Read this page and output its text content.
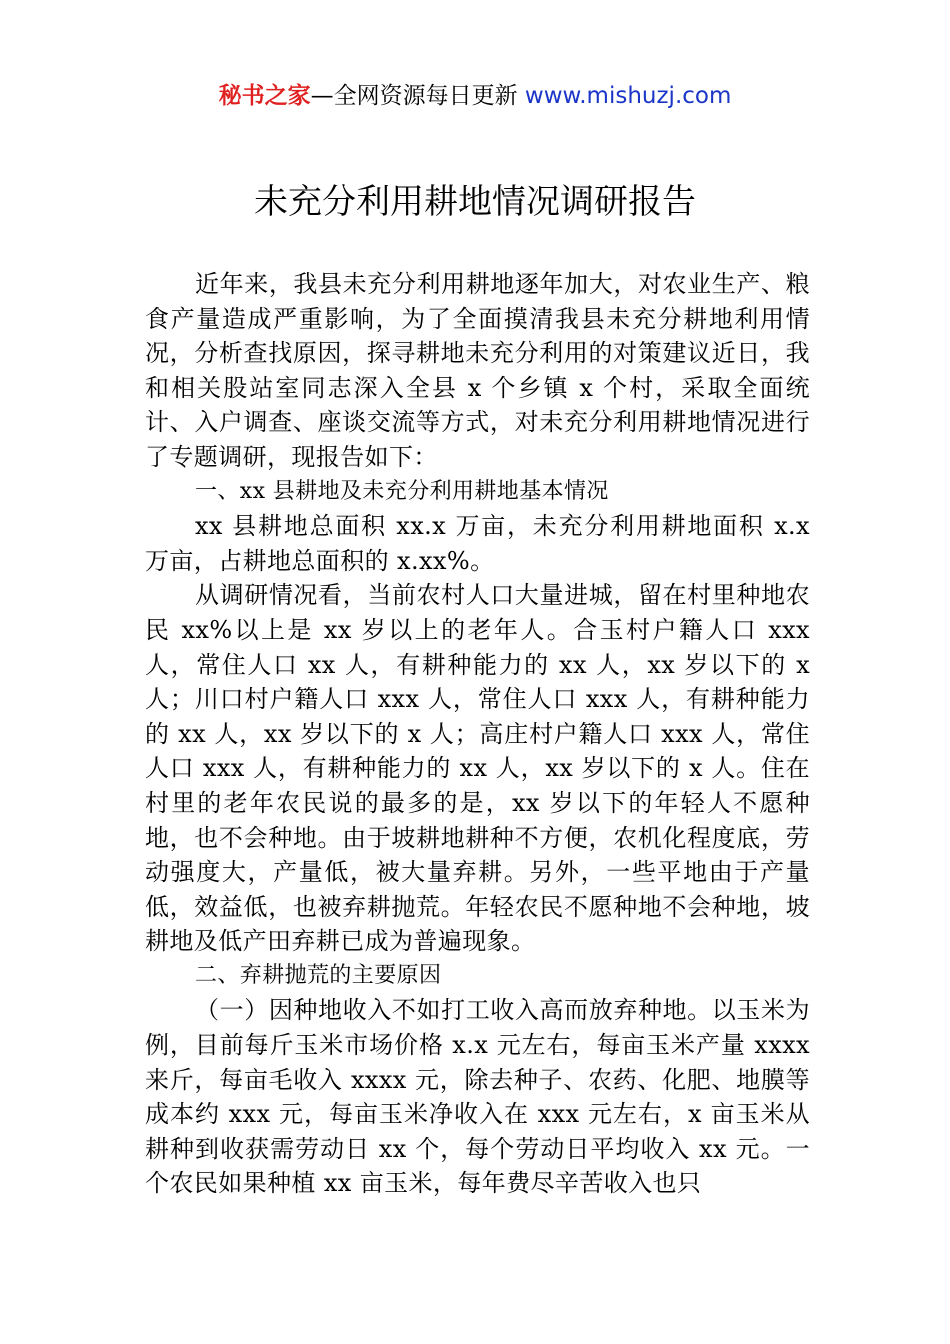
秘书之家—全网资源每日更新 www.mishuzj.com
未充分利用耕地情况调研报告

近年来，我县未充分利用耕地逐年加大，对农业生产、粮食产量造成严重影响，为了全面摸清我县未充分耕地利用情况，分析查找原因，探寻耕地未充分利用的对策建议近日，我和相关股站室同志深入全县 x 个乡镇 x 个村，采取全面统计、入户调查、座谈交流等方式，对未充分利用耕地情况进行了专题调研，现报告如下：

一、xx 县耕地及未充分利用耕地基本情况

xx 县耕地总面积 xx.x 万亩，未充分利用耕地面积 x.x 万亩，占耕地总面积的 x.xx%。

从调研情况看，当前农村人口大量进城，留在村里种地农民 xx%以上是 xx 岁以上的老年人。合玉村户籍人口 xxx 人，常住人口 xx 人，有耕种能力的 xx 人，xx 岁以下的 x 人；川口村户籍人口 xxx 人，常住人口 xxx 人，有耕种能力的 xx 人，xx 岁以下的 x 人；高庄村户籍人口 xxx 人，常住人口 xxx 人，有耕种能力的 xx 人，xx 岁以下的 x 人。住在村里的老年农民说的最多的是，xx 岁以下的年轻人不愿种地，也不会种地。由于坡耕地耕种不方便，农机化程度底，劳动强度大，产量低，被大量弃耕。另外，一些平地由于产量低，效益低，也被弃耕抛荒。年轻农民不愿种地不会种地，坡耕地及低产田弃耕已成为普遍现象。

二、弃耕抛荒的主要原因

（一）因种地收入不如打工收入高而放弃种地。以玉米为例，目前每斤玉米市场价格 x.x 元左右，每亩玉米产量 xxxx 来斤，每亩毛收入 xxxx 元，除去种子、农药、化肥、地膜等成本约 xxx 元，每亩玉米净收入在 xxx 元左右，x 亩玉米从耕种到收获需劳动日 xx 个，每个劳动日平均收入 xx 元。一个农民如果种植 xx 亩玉米，每年费尽辛苦收入也只
